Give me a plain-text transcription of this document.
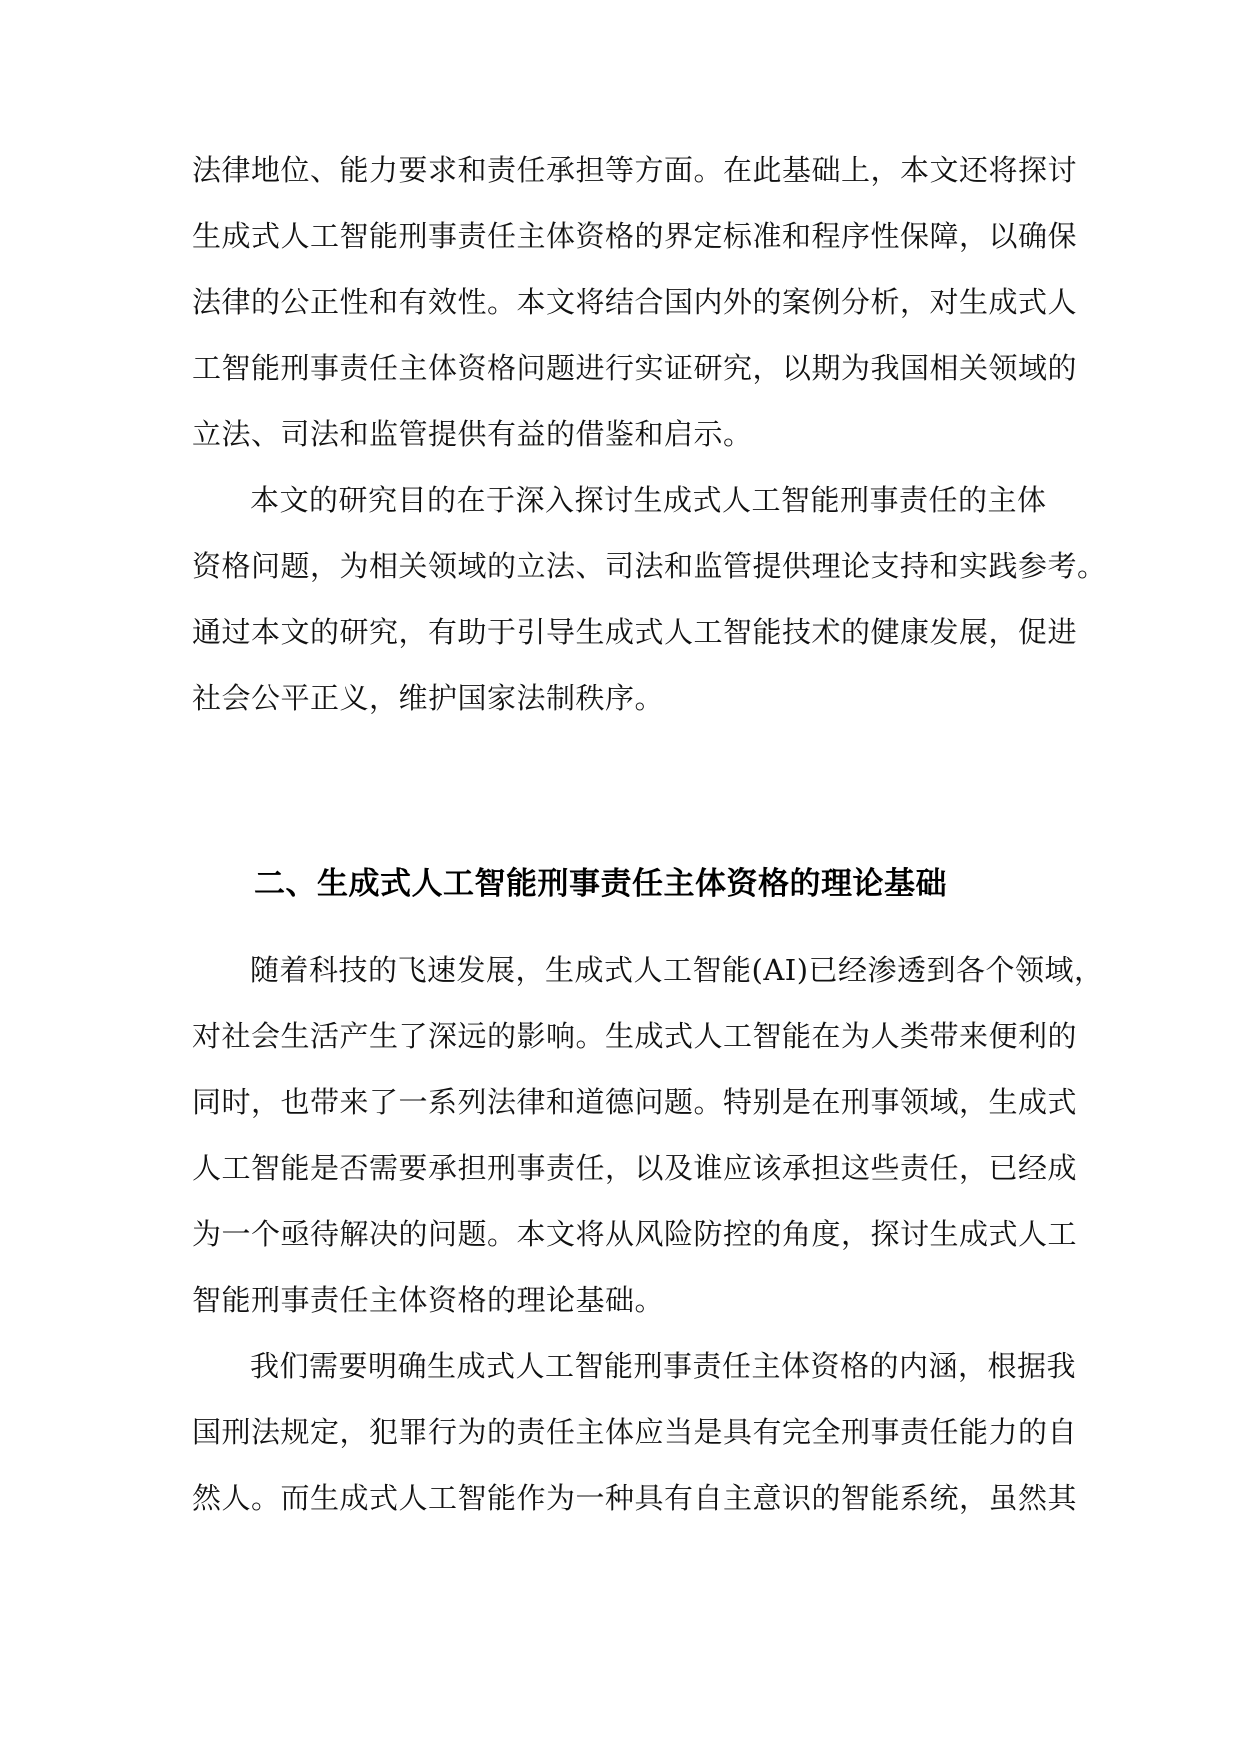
法律地位、能力要求和责任承担等方面。在此基础上，本文还将探讨
生成式人工智能刑事责任主体资格的界定标准和程序性保障，以确保
法律的公正性和有效性。本文将结合国内外的案例分析，对生成式人
工智能刑事责任主体资格问题进行实证研究，以期为我国相关领域的
立法、司法和监管提供有益的借鉴和启示。
本文的研究目的在于深入探讨生成式人工智能刑事责任的主体
资格问题，为相关领域的立法、司法和监管提供理论支持和实践参考。
通过本文的研究，有助于引导生成式人工智能技术的健康发展，促进
社会公平正义，维护国家法制秩序。
二、生成式人工智能刑事责任主体资格的理论基础
随着科技的飞速发展，生成式人工智能(AI)已经渗透到各个领域，
对社会生活产生了深远的影响。生成式人工智能在为人类带来便利的
同时，也带来了一系列法律和道德问题。特别是在刑事领域，生成式
人工智能是否需要承担刑事责任，以及谁应该承担这些责任，已经成
为一个亟待解决的问题。本文将从风险防控的角度，探讨生成式人工
智能刑事责任主体资格的理论基础。
我们需要明确生成式人工智能刑事责任主体资格的内涵，根据我
国刑法规定，犯罪行为的责任主体应当是具有完全刑事责任能力的自
然人。而生成式人工智能作为一种具有自主意识的智能系统，虽然其
